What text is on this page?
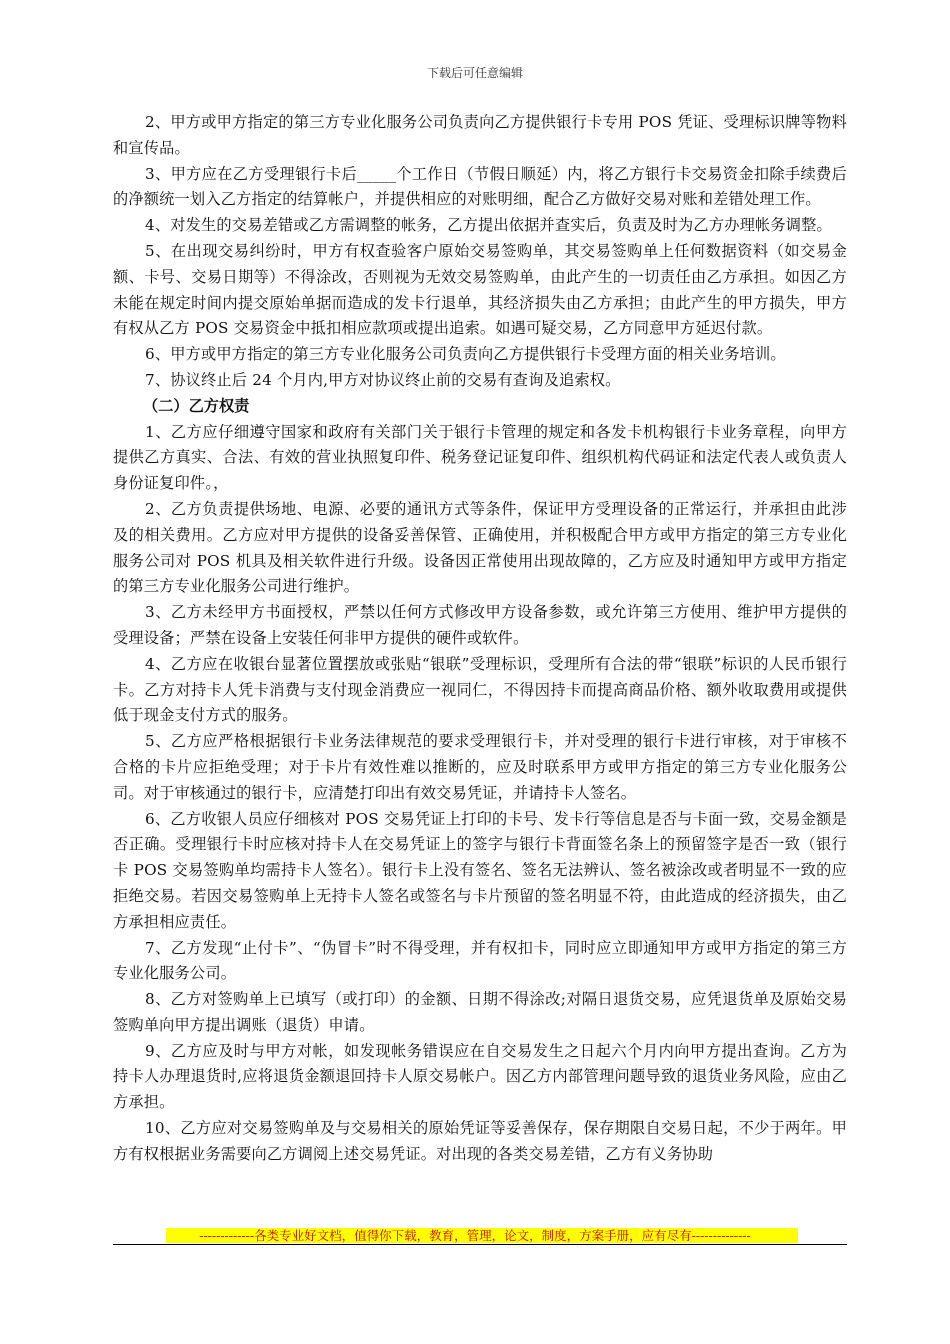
下载后可任意编辑

2、甲方或甲方指定的第三方专业化服务公司负责向乙方提供银行卡专用 POS 凭证、受理标识牌等物料和宣传品。

3、甲方应在乙方受理银行卡后_____个工作日（节假日顺延）内，将乙方银行卡交易资金扣除手续费后的净额统一划入乙方指定的结算帐户，并提供相应的对账明细，配合乙方做好交易对账和差错处理工作。

4、对发生的交易差错或乙方需调整的帐务，乙方提出依据并查实后，负责及时为乙方办理帐务调整。

5、在出现交易纠纷时，甲方有权查验客户原始交易签购单，其交易签购单上任何数据资料（如交易金额、卡号、交易日期等）不得涂改，否则视为无效交易签购单，由此产生的一切责任由乙方承担。如因乙方未能在规定时间内提交原始单据而造成的发卡行退单，其经济损失由乙方承担；由此产生的甲方损失，甲方有权从乙方 POS 交易资金中抵扣相应款项或提出追索。如遇可疑交易，乙方同意甲方延迟付款。

6、甲方或甲方指定的第三方专业化服务公司负责向乙方提供银行卡受理方面的相关业务培训。

7、协议终止后 24 个月内,甲方对协议终止前的交易有查询及追索权。

（二）乙方权责

1、乙方应仔细遵守国家和政府有关部门关于银行卡管理的规定和各发卡机构银行卡业务章程，向甲方提供乙方真实、合法、有效的营业执照复印件、税务登记证复印件、组织机构代码证和法定代表人或负责人身份证复印件。，

2、乙方负责提供场地、电源、必要的通讯方式等条件，保证甲方受理设备的正常运行，并承担由此涉及的相关费用。乙方应对甲方提供的设备妥善保管、正确使用，并积极配合甲方或甲方指定的第三方专业化服务公司对 POS 机具及相关软件进行升级。设备因正常使用出现故障的，乙方应及时通知甲方或甲方指定的第三方专业化服务公司进行维护。

3、乙方未经甲方书面授权，严禁以任何方式修改甲方设备参数，或允许第三方使用、维护甲方提供的受理设备；严禁在设备上安装任何非甲方提供的硬件或软件。

4、乙方应在收银台显著位置摆放或张贴“银联”受理标识，受理所有合法的带“银联”标识的人民币银行卡。乙方对持卡人凭卡消费与支付现金消费应一视同仁，不得因持卡而提高商品价格、额外收取费用或提供低于现金支付方式的服务。

5、乙方应严格根据银行卡业务法律规范的要求受理银行卡，并对受理的银行卡进行审核，对于审核不合格的卡片应拒绝受理；对于卡片有效性难以推断的，应及时联系甲方或甲方指定的第三方专业化服务公司。对于审核通过的银行卡，应清楚打印出有效交易凭证，并请持卡人签名。

6、乙方收银人员应仔细核对 POS 交易凭证上打印的卡号、发卡行等信息是否与卡面一致，交易金额是否正确。受理银行卡时应核对持卡人在交易凭证上的签字与银行卡背面签名条上的预留签字是否一致（银行卡 POS 交易签购单均需持卡人签名）。银行卡上没有签名、签名无法辨认、签名被涂改或者明显不一致的应拒绝交易。若因交易签购单上无持卡人签名或签名与卡片预留的签名明显不符，由此造成的经济损失，由乙方承担相应责任。

7、乙方发现“止付卡”、“伪冒卡”时不得受理，并有权扣卡，同时应立即通知甲方或甲方指定的第三方专业化服务公司。

8、乙方对签购单上已填写（或打印）的金额、日期不得涂改;对隔日退货交易，应凭退货单及原始交易签购单向甲方提出调账（退货）申请。

9、乙方应及时与甲方对帐，如发现帐务错误应在自交易发生之日起六个月内向甲方提出查询。乙方为持卡人办理退货时,应将退货金额退回持卡人原交易帐户。因乙方内部管理问题导致的退货业务风险，应由乙方承担。

10、乙方应对交易签购单及与交易相关的原始凭证等妥善保存，保存期限自交易日起，不少于两年。甲方有权根据业务需要向乙方调阅上述交易凭证。对出现的各类交易差错，乙方有义务协助

-------------各类专业好文档，值得你下载，教育，管理，论文，制度，方案手册，应有尽有--------------
